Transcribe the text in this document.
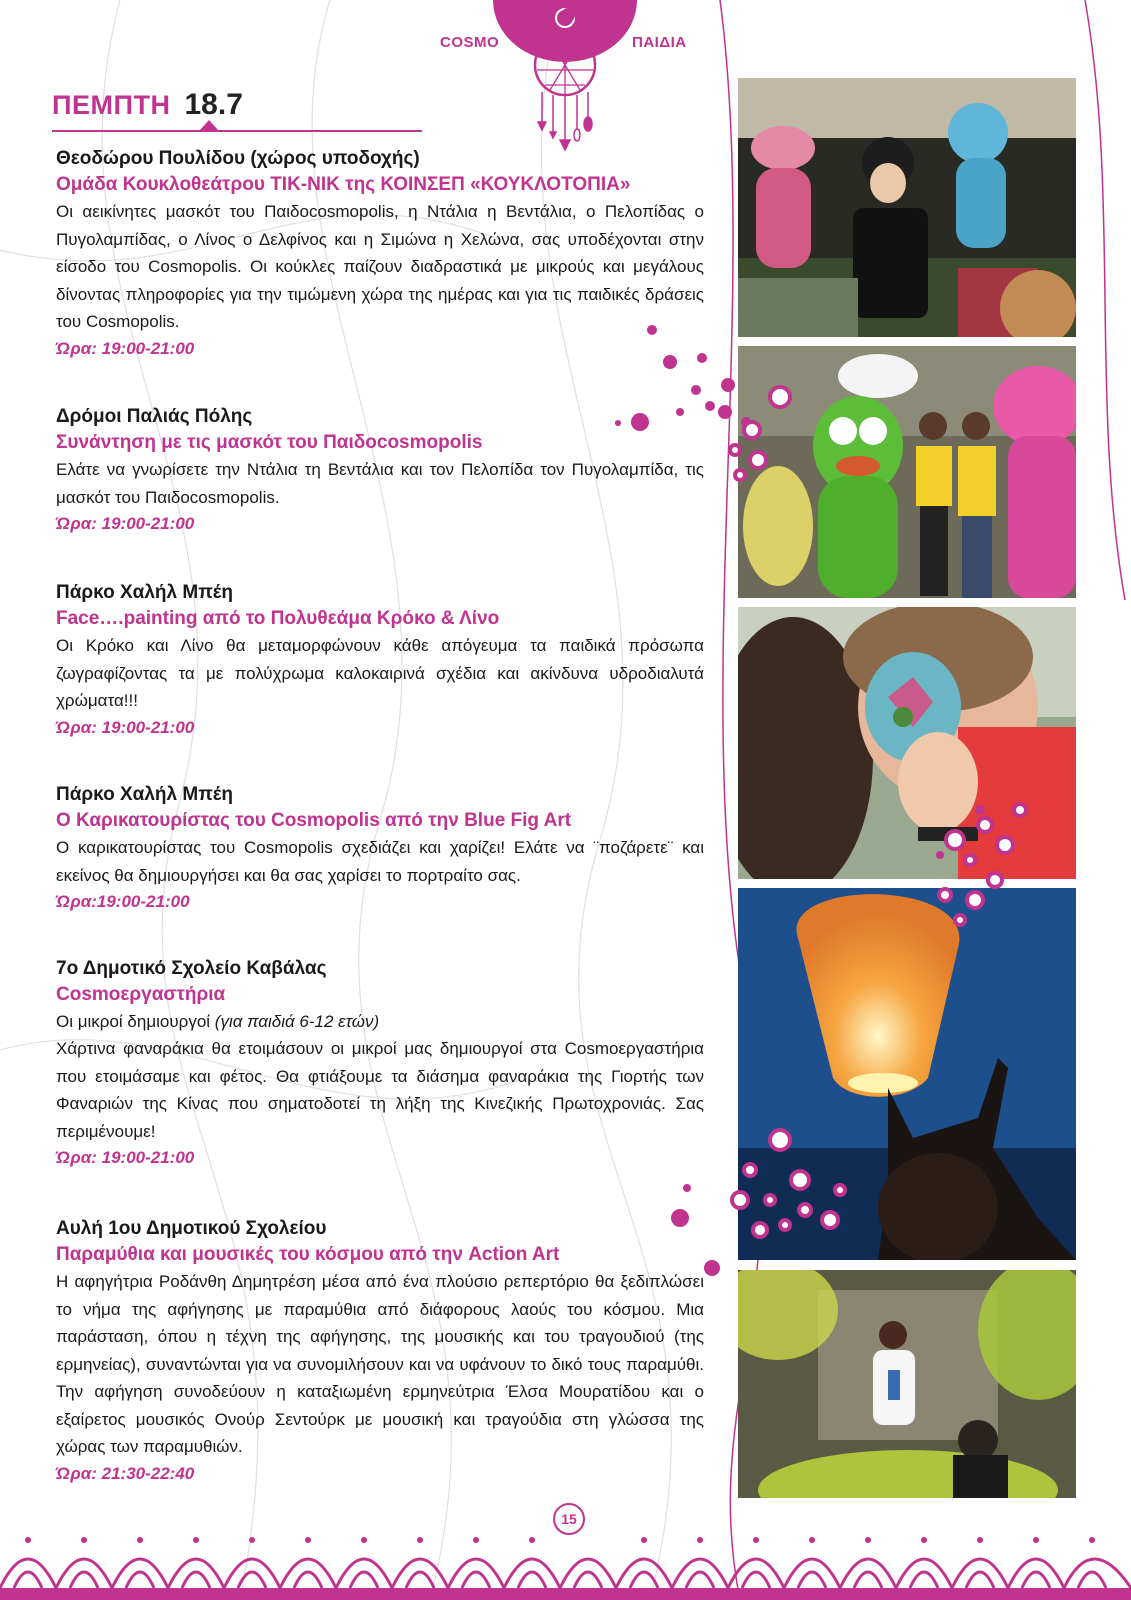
COSMO	ΠΑΙΔΙΑ
ΠΕΜΠΤΗ 18.7
Θεοδώρου Πουλίδου (χώρος υποδοχής)
Ομάδα Κουκλοθεάτρου ΤΙΚ-ΝΙΚ της ΚΟΙΝΣΕΠ «ΚΟΥΚΛΟΤΟΠΙΑ»
Οι αεικίνητες μασκότ του Παιδοcosmopolis, η Ντάλια η Βεντάλια, ο Πελοπίδας ο Πυγολαμπίδας, ο Λίνος ο Δελφίνος και η Σιμώνα η Χελώνα, σας υποδέχονται στην είσοδο του Cosmopolis. Οι κούκλες παίζουν διαδραστικά με μικρούς και μεγάλους δίνοντας πληροφορίες για την τιμώμενη χώρα της ημέρας και για τις παιδικές δράσεις του Cosmopolis.
Ώρα: 19:00-21:00
Δρόμοι Παλιάς Πόλης
Συνάντηση με τις μασκότ του Παιδοcosmopolis
Ελάτε να γνωρίσετε την Ντάλια τη Βεντάλια και τον Πελοπίδα τον Πυγολαμπίδα, τις μασκότ του Παιδοcosmopolis.
Ώρα: 19:00-21:00
Πάρκο Χαλήλ Μπέη
Face….painting από το Πολυθεάμα Κρόκο & Λίνο
Οι Κρόκο και Λίνο θα μεταμορφώνουν κάθε απόγευμα τα παιδικά πρόσωπα ζωγραφίζοντας τα με πολύχρωμα καλοκαιρινά σχέδια και ακίνδυνα υδροδιαλυτά χρώματα!!!
Ώρα: 19:00-21:00
Πάρκο Χαλήλ Μπέη
Ο Καρικατουρίστας του Cosmopolis από την Blue Fig Art
Ο καρικατουρίστας του Cosmopolis σχεδιάζει και χαρίζει! Ελάτε να ¨ποζάρετε¨ και εκείνος θα δημιουργήσει και θα σας χαρίσει το πορτραίτο σας.
Ώρα:19:00-21:00
7ο Δημοτικό Σχολείο Καβάλας
Cosmoεργαστήρια
Οι μικροί δημιουργοί (για παιδιά 6-12 ετών)
Χάρτινα φαναράκια θα ετοιμάσουν οι μικροί μας δημιουργοί στα Cosmoεργαστήρια που ετοιμάσαμε και φέτος. Θα φτιάξουμε τα διάσημα φαναράκια της Γιορτής των Φαναριών της Κίνας που σηματοδοτεί τη λήξη της Κινεζικής Πρωτοχρονιάς. Σας περιμένουμε!
Ώρα: 19:00-21:00
Αυλή 1ου Δημοτικού Σχολείου
Παραμύθια και μουσικές του κόσμου από την Action Art
Η αφηγήτρια Ροδάνθη Δημητρέση μέσα από ένα πλούσιο ρεπερτόριο θα ξεδιπλώσει το νήμα της αφήγησης με παραμύθια από διάφορους λαούς του κόσμου. Μια παράσταση, όπου η τέχνη της αφήγησης, της μουσικής και του τραγουδιού (της ερμηνείας), συναντώνται για να συνομιλήσουν και να υφάνουν το δικό τους παραμύθι. Την αφήγηση συνοδεύουν η καταξιωμένη ερμηνεύτρια Έλσα Μουρατίδου και ο εξαίρετος μουσικός Ονούρ Σεντούρκ με μουσική και τραγούδια στη γλώσσα της χώρας των παραμυθιών.
Ώρα: 21:30-22:40
15
